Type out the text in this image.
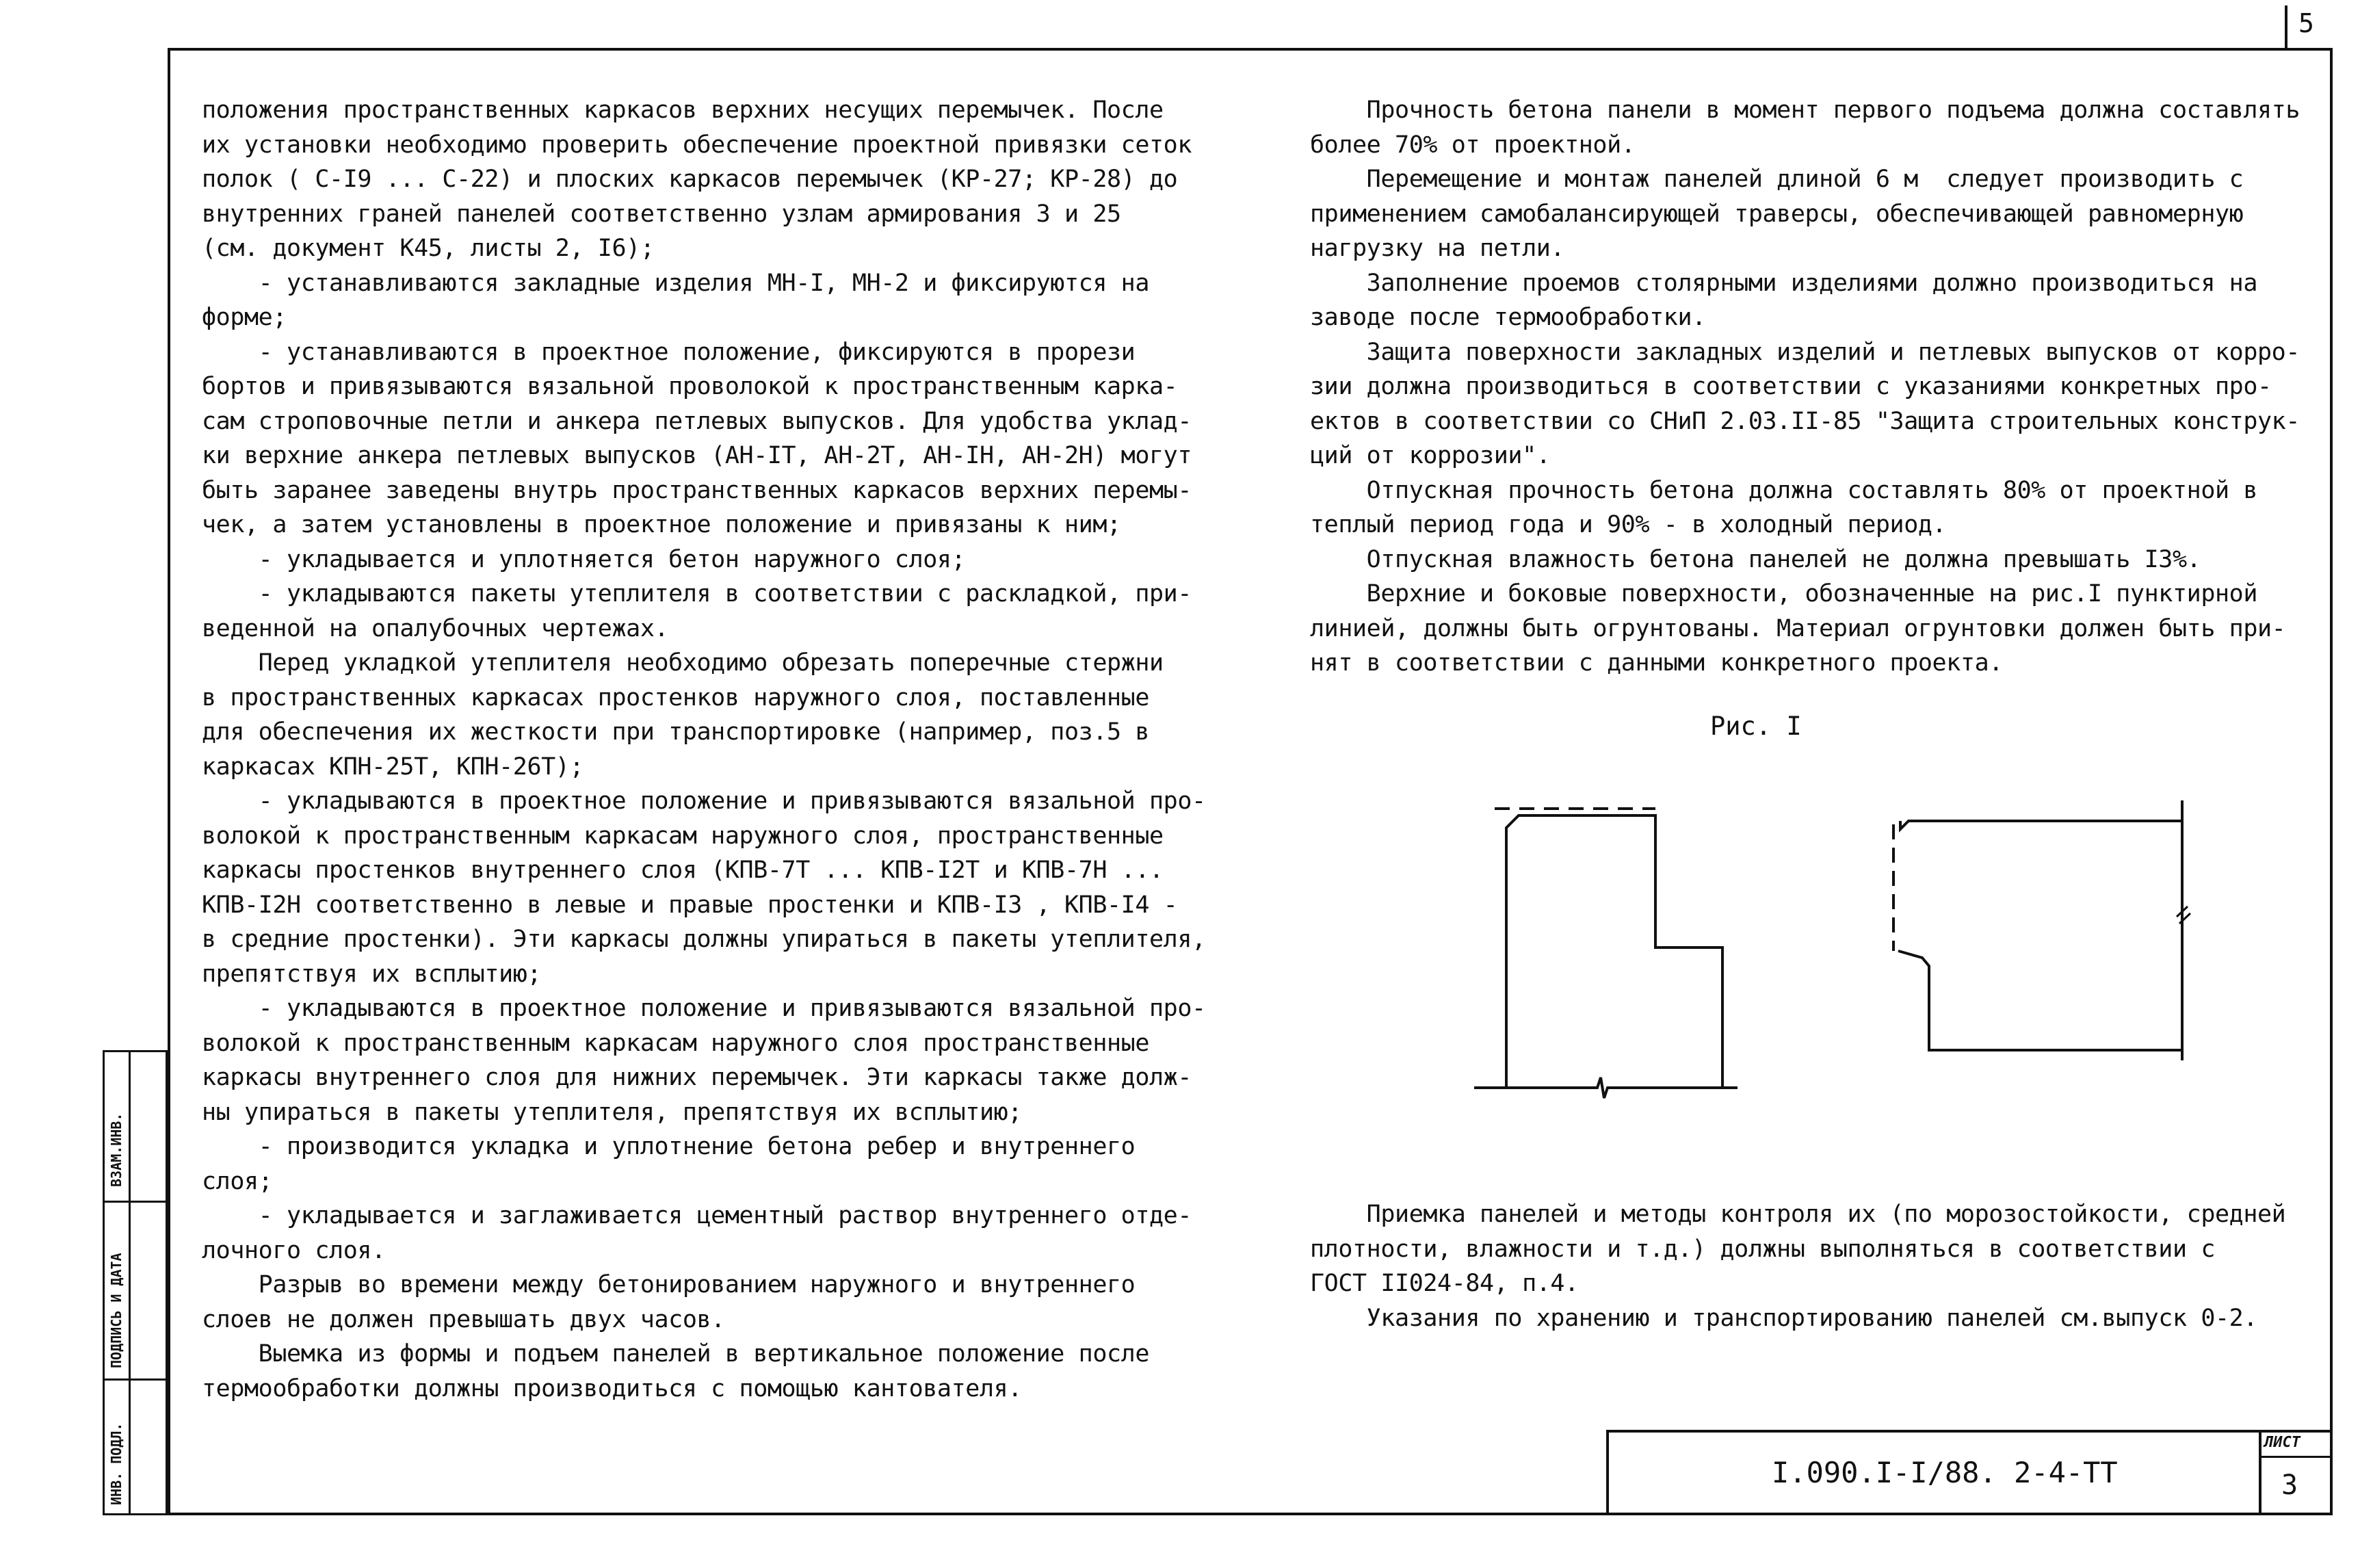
5
положения пространственных каркасов верхних несущих перемычек. После
их установки необходимо проверить обеспечение проектной привязки сеток
полок ( С-I9 ... С-22) и плоских каркасов перемычек (КР-27; КР-28) до
внутренних граней панелей соответственно узлам армирования 3 и 25
(см. документ К45, листы 2, I6);
- устанавливаются закладные изделия МН-I, МН-2 и фиксируются на
форме;
- устанавливаются в проектное положение, фиксируются в прорези
бортов и привязываются вязальной проволокой к пространственным карка-
сам строповочные петли и анкера петлевых выпусков. Для удобства уклад-
ки верхние анкера петлевых выпусков (АН-IТ, АН-2Т, АН-IН, АН-2Н) могут
быть заранее заведены внутрь пространственных каркасов верхних перемы-
чек, а затем установлены в проектное положение и привязаны к ним;
- укладывается и уплотняется бетон наружного слоя;
- укладываются пакеты утеплителя в соответствии с раскладкой, при-
веденной на опалубочных чертежах.
Перед укладкой утеплителя необходимо обрезать поперечные стержни
в пространственных каркасах простенков наружного слоя, поставленные
для обеспечения их жесткости при транспортировке (например, поз.5 в
каркасах КПН-25Т, КПН-26Т);
- укладываются в проектное положение и привязываются вязальной про-
волокой к пространственным каркасам наружного слоя, пространственные
каркасы простенков внутреннего слоя (КПВ-7Т ... КПВ-I2Т и КПВ-7Н ...
КПВ-I2Н соответственно в левые и правые простенки и КПВ-I3 , КПВ-I4 -
в средние простенки). Эти каркасы должны упираться в пакеты утеплителя,
препятствуя их всплытию;
- укладываются в проектное положение и привязываются вязальной про-
волокой к пространственным каркасам наружного слоя пространственные
каркасы внутреннего слоя для нижних перемычек. Эти каркасы также долж-
ны упираться в пакеты утеплителя, препятствуя их всплытию;
- производится укладка и уплотнение бетона ребер и внутреннего
слоя;
- укладывается и заглаживается цементный раствор внутреннего отде-
лочного слоя.
Разрыв во времени между бетонированием наружного и внутреннего
слоев не должен превышать двух часов.
Выемка из формы и подъем панелей в вертикальное положение после
термообработки должны производиться с помощью кантователя.
Прочность бетона панели в момент первого подъема должна составлять
более 70% от проектной.
Перемещение и монтаж панелей длиной 6 м  следует производить с
применением самобалансирующей траверсы, обеспечивающей равномерную
нагрузку на петли.
Заполнение проемов столярными изделиями должно производиться на
заводе после термообработки.
Защита поверхности закладных изделий и петлевых выпусков от корро-
зии должна производиться в соответствии с указаниями конкретных про-
ектов в соответствии со СНиП 2.03.II-85 "Защита строительных конструк-
ций от коррозии".
Отпускная прочность бетона должна составлять 80% от проектной в
теплый период года и 90% - в холодный период.
Отпускная влажность бетона панелей не должна превышать I3%.
Верхние и боковые поверхности, обозначенные на рис.I пунктирной
линией, должны быть огрунтованы. Материал огрунтовки должен быть при-
нят в соответствии с данными конкретного проекта.
Рис. I
Приемка панелей и методы контроля их (по морозостойкости, средней
плотности, влажности и т.д.) должны выполняться в соответствии с
ГОСТ II024-84, п.4.
Указания по хранению и транспортированию панелей см.выпуск 0-2.
ВЗАМ.ИНВ.
ПОДПИСЬ И ДАТА
ИНВ. ПОДЛ.	I.090.I-I/88. 2-4-ТТ
ЛИСТ
3
